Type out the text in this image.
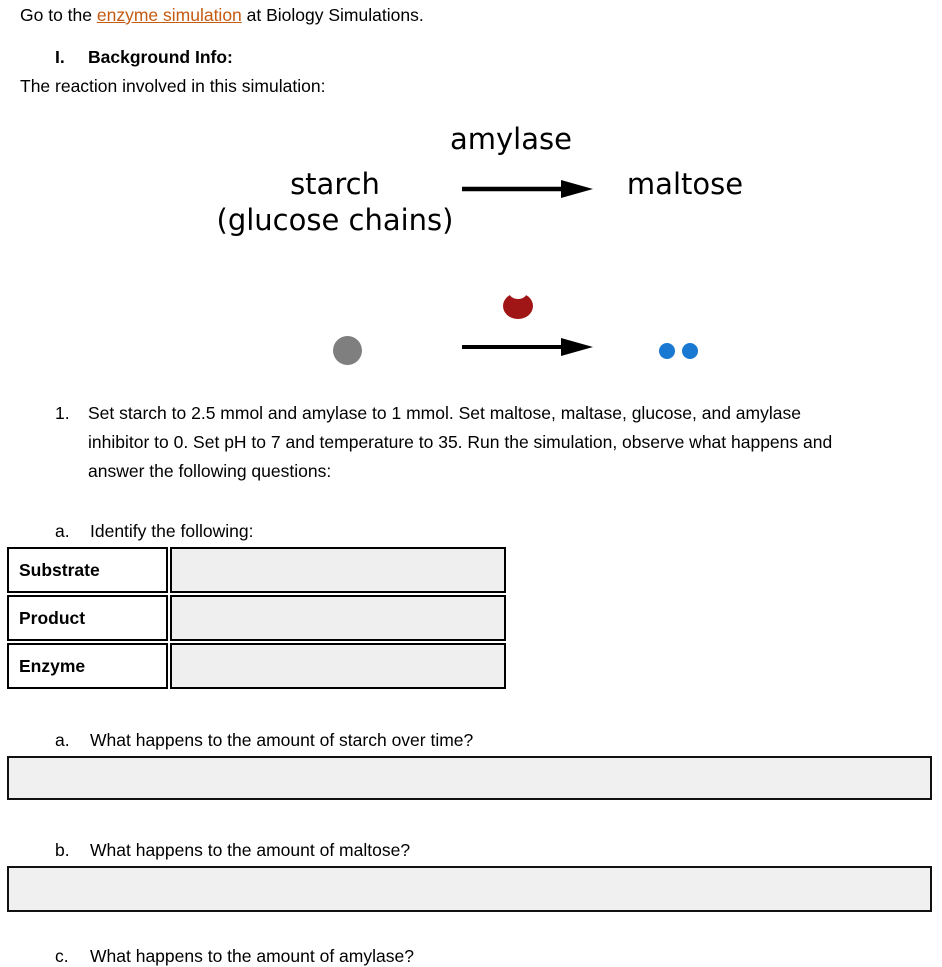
Go to the enzyme simulation at Biology Simulations.
I. Background Info:
The reaction involved in this simulation:
amylase
starch	maltose
(glucose chains)
1. Set starch to 2.5 mmol and amylase to 1 mmol. Set maltose, maltase, glucose, and amylase
inhibitor to 0. Set pH to 7 and temperature to 35. Run the simulation, observe what happens and
answer the following questions:
a. Identify the following:
Substrate
Product
Enzyme
a. What happens to the amount of starch over time?
b. What happens to the amount of maltose?
c. What happens to the amount of amylase?
